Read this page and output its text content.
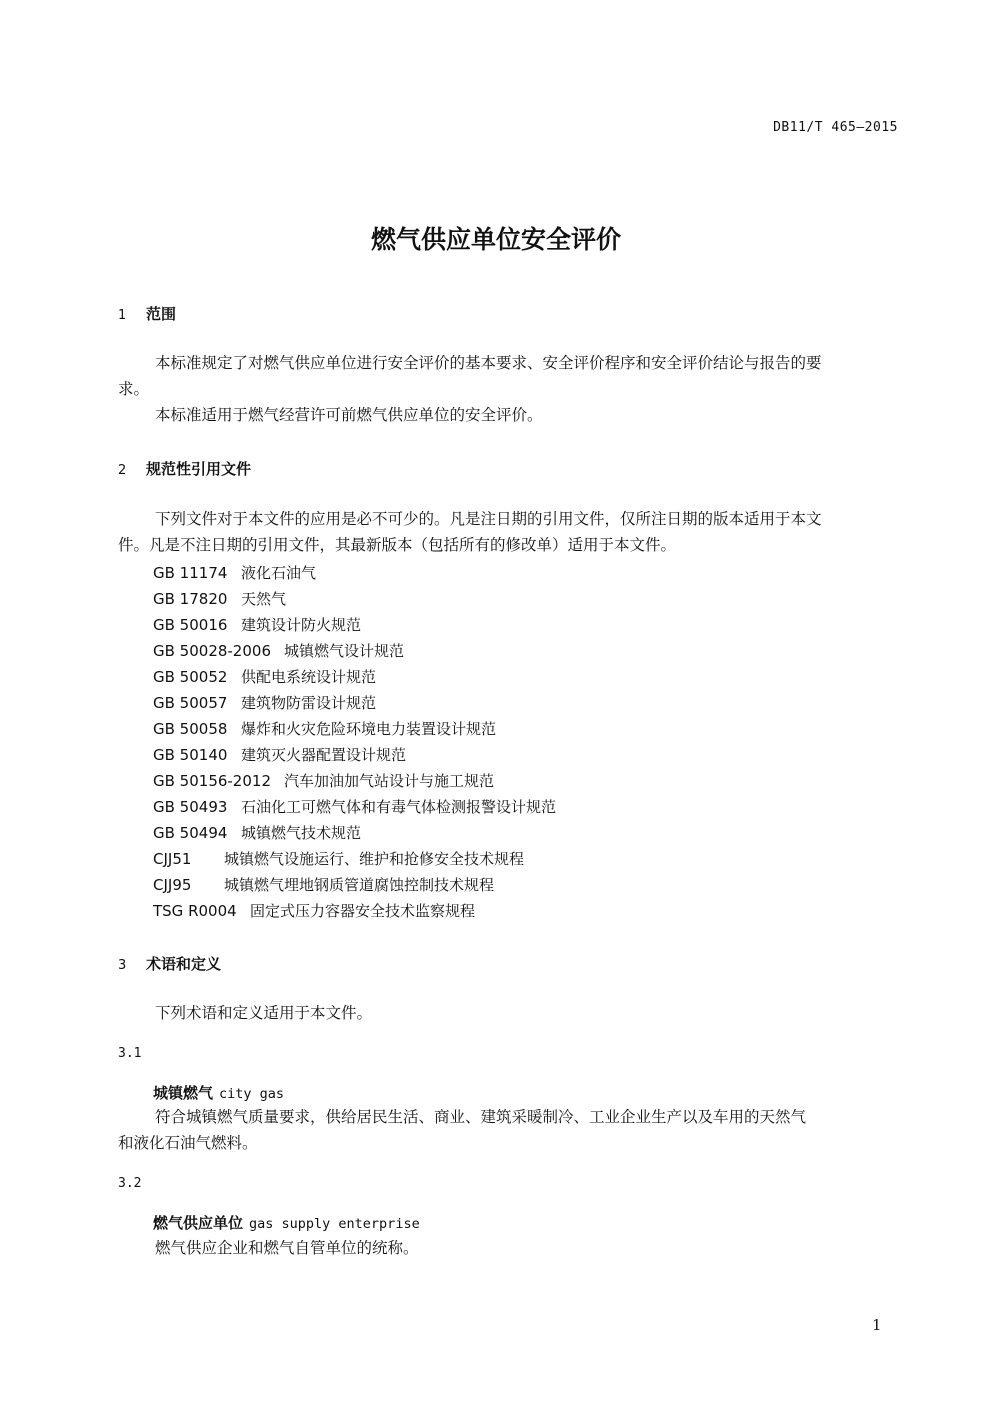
DB11/T 465—2015
燃气供应单位安全评价
1 范围
本标准规定了对燃气供应单位进行安全评价的基本要求、安全评价程序和安全评价结论与报告的要
求。
本标准适用于燃气经营许可前燃气供应单位的安全评价。
2 规范性引用文件
下列文件对于本文件的应用是必不可少的。凡是注日期的引用文件，仅所注日期的版本适用于本文
件。凡是不注日期的引用文件，其最新版本（包括所有的修改单）适用于本文件。
GB 11174 液化石油气
GB 17820 天然气
GB 50016 建筑设计防火规范
GB 50028-2006 城镇燃气设计规范
GB 50052 供配电系统设计规范
GB 50057 建筑物防雷设计规范
GB 50058 爆炸和火灾危险环境电力装置设计规范
GB 50140 建筑灭火器配置设计规范
GB 50156-2012 汽车加油加气站设计与施工规范
GB 50493 石油化工可燃气体和有毒气体检测报警设计规范
GB 50494 城镇燃气技术规范
CJJ51 城镇燃气设施运行、维护和抢修安全技术规程
CJJ95 城镇燃气埋地钢质管道腐蚀控制技术规程
TSG R0004 固定式压力容器安全技术监察规程
3 术语和定义
下列术语和定义适用于本文件。
3.1
城镇燃气 city gas
符合城镇燃气质量要求，供给居民生活、商业、建筑采暖制冷、工业企业生产以及车用的天然气
和液化石油气燃料。
3.2
燃气供应单位 gas supply enterprise
燃气供应企业和燃气自管单位的统称。
1
